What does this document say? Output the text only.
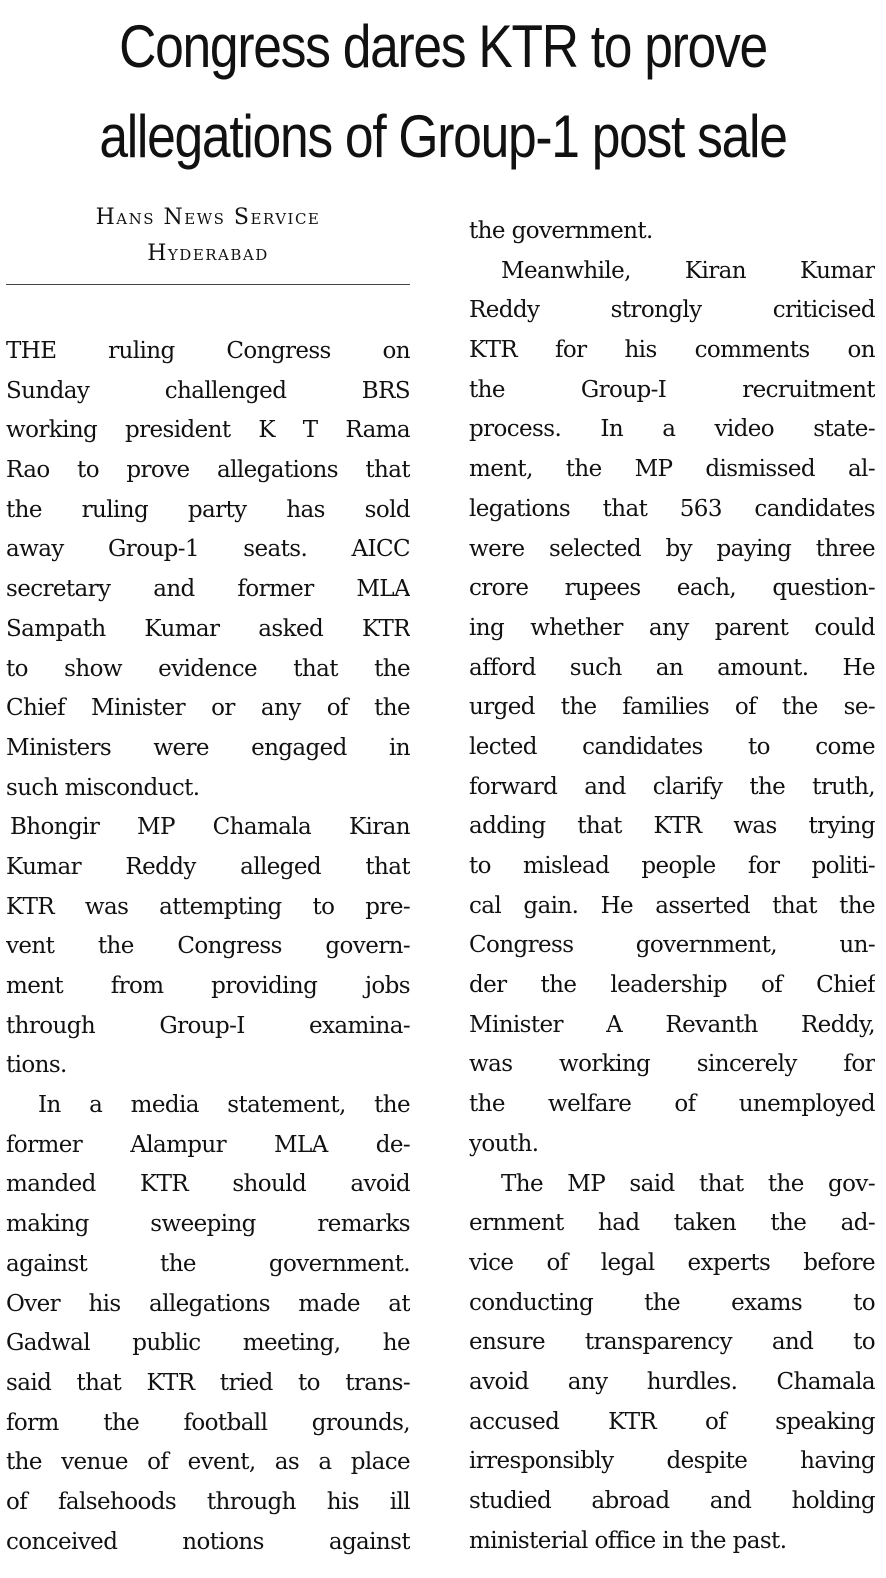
Congress dares KTR to prove
allegations of Group-1 post sale
Hans News Service
Hyderabad
THE ruling Congress on
Sunday challenged BRS
working president K T Rama
Rao to prove allegations that
the ruling party has sold
away Group-1 seats. AICC
secretary and former MLA
Sampath Kumar asked KTR
to show evidence that the
Chief Minister or any of the
Ministers were engaged in
such misconduct.
Bhongir MP Chamala Kiran
Kumar Reddy alleged that
KTR was attempting to pre-
vent the Congress govern-
ment from providing jobs
through Group-I examina-
tions.
In a media statement, the
former Alampur MLA de-
manded KTR should avoid
making sweeping remarks
against the government.
Over his allegations made at
Gadwal public meeting, he
said that KTR tried to trans-
form the football grounds,
the venue of event, as a place
of falsehoods through his ill
conceived notions against
the government.
Meanwhile, Kiran Kumar
Reddy strongly criticised
KTR for his comments on
the Group-I recruitment
process. In a video state-
ment, the MP dismissed al-
legations that 563 candidates
were selected by paying three
crore rupees each, question-
ing whether any parent could
afford such an amount. He
urged the families of the se-
lected candidates to come
forward and clarify the truth,
adding that KTR was trying
to mislead people for politi-
cal gain. He asserted that the
Congress government, un-
der the leadership of Chief
Minister A Revanth Reddy,
was working sincerely for
the welfare of unemployed
youth.
The MP said that the gov-
ernment had taken the ad-
vice of legal experts before
conducting the exams to
ensure transparency and to
avoid any hurdles. Chamala
accused KTR of speaking
irresponsibly despite having
studied abroad and holding
ministerial office in the past.
